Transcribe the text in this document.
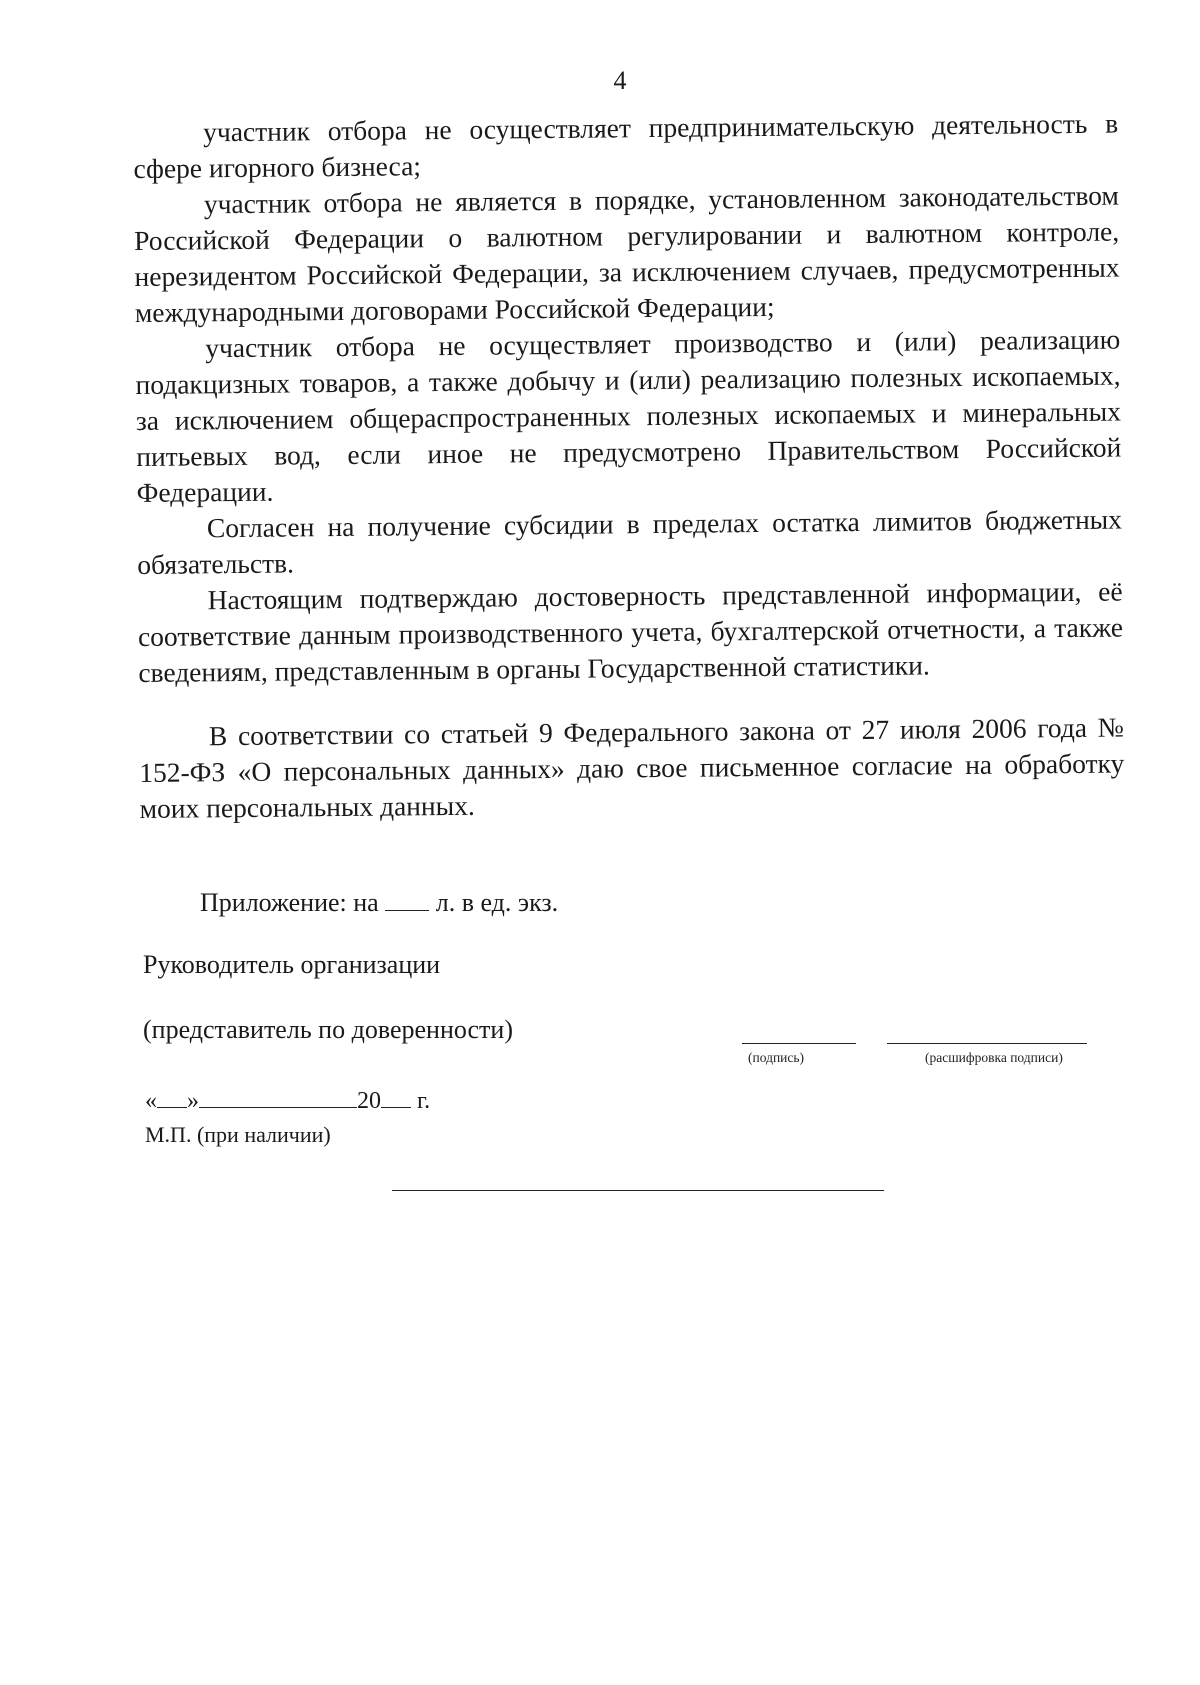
4

участник отбора не осуществляет предпринимательскую деятельность в сфере игорного бизнеса;

участник отбора не является в порядке, установленном законодательством Российской Федерации о валютном регулировании и валютном контроле, нерезидентом Российской Федерации, за исключением случаев, предусмотренных международными договорами Российской Федерации;

участник отбора не осуществляет производство и (или) реализацию подакцизных товаров, а также добычу и (или) реализацию полезных ископаемых, за исключением общераспространенных полезных ископаемых и минеральных питьевых вод, если иное не предусмотрено Правительством Российской Федерации.

Согласен на получение субсидии в пределах остатка лимитов бюджетных обязательств.

Настоящим подтверждаю достоверность представленной информации, её соответствие данным производственного учета, бухгалтерской отчетности, а также сведениям, представленным в органы Государственной статистики.

В соответствии со статьей 9 Федерального закона от 27 июля 2006 года № 152-ФЗ «О персональных данных» даю свое письменное согласие на обработку моих персональных данных.

Приложение: на л. в ед. экз.
Руководитель организации
(представитель по доверенности)
(подпись)	(расшифровка подписи)
« »	20 г.
М.П. (при наличии)
